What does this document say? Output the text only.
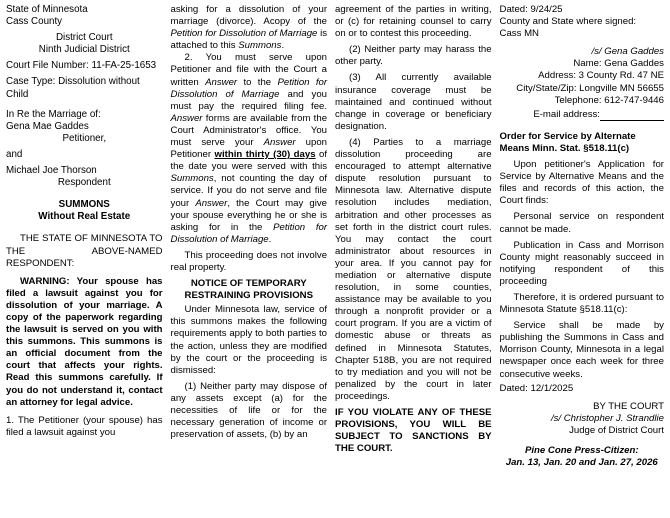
State of Minnesota

Cass County

District Court

Ninth Judicial District

Court File Number: 11-FA-25-1653

Case Type: Dissolution without Child

In Re the Marriage of:

Gena Mae Gaddes

Petitioner,

and

Michael Joe Thorson

Respondent

SUMMONS

Without Real Estate

THE STATE OF MINNESOTA TO THE ABOVE-NAMED RESPONDENT:

WARNING: Your spouse has filed a lawsuit against you for dissolution of your marriage. A copy of the paperwork regarding the lawsuit is served on you with this summons. This summons is an official document from the court that affects your rights. Read this summons carefully. If you do not understand it, contact an attorney for legal advice.

1. The Petitioner (your spouse) has filed a lawsuit against you

asking for a dissolution of your marriage (divorce). Acopy of the Petition for Dissolution of Marriage is attached to this Summons.

2. You must serve upon Petitioner and file with the Court a written Answer to the Petition for Dissolution of Marriage and you must pay the required filing fee. Answer forms are available from the Court Administrator's office. You must serve your Answer upon Petitioner within thirty (30) days of the date you were served with this Summons, not counting the day of service. If you do not serve and file your Answer, the Court may give your spouse everything he or she is asking for in the Petition for Dissolution of Marriage.

This proceeding does not involve real property.

NOTICE OF TEMPORARY RESTRAINING PROVISIONS

Under Minnesota law, service of this summons makes the following requirements apply to both parties to the action, unless they are modified by the court or the proceeding is dismissed:

(1) Neither party may dispose of any assets except (a) for the necessities of life or for the necessary generation of income or preservation of assets, (b) by an

agreement of the parties in writing, or (c) for retaining counsel to carry on or to contest this proceeding.

(2) Neither party may harass the other party.

(3) All currently available insurance coverage must be maintained and continued without change in coverage or beneficiary designation.

(4) Parties to a marriage dissolution proceeding are encouraged to attempt alternative dispute resolution pursuant to Minnesota law. Alternative dispute resolution includes mediation, arbitration and other processes as set forth in the district court rules. You may contact the court administrator about resources in your area. If you cannot pay for mediation or alternative dispute resolution, in some counties, assistance may be available to you through a nonprofit provider or a court program. If you are a victim of domestic abuse or threats as defined in Minnesota Statutes, Chapter 518B, you are not required to try mediation and you will not be penalized by the court in later proceedings.

IF YOU VIOLATE ANY OF THESE PROVISIONS, YOU WILL BE SUBJECT TO SANCTIONS BY THE COURT.

Dated: 9/24/25

County and State where signed:

Cass MN

/s/ Gena Gaddes

Name: Gena Gaddes

Address: 3 County Rd. 47 NE

City/State/Zip: Longville MN 56655

Telephone: 612-747-9446

E-mail address:

Order for Service by Alternate

Means Minn. Stat. §518.11(c)

Upon petitioner's Application for Service by Alternative Means and the files and records of this action, the Court finds:

Personal service on respondent cannot be made.

Publication in Cass and Morrison County might reasonably succeed in notifying respondent of this proceeding

Therefore, it is ordered pursuant to Minnesota Statute §518.11(c):

Service shall be made by publishing the Summons in Cass and Morrison County, Minnesota in a legal newspaper once each week for three consecutive weeks.

Dated: 12/1/2025

BY THE COURT

/s/ Christopher J. Strandlie

Judge of District Court

Pine Cone Press-Citizen:

Jan. 13, Jan. 20 and Jan. 27, 2026
